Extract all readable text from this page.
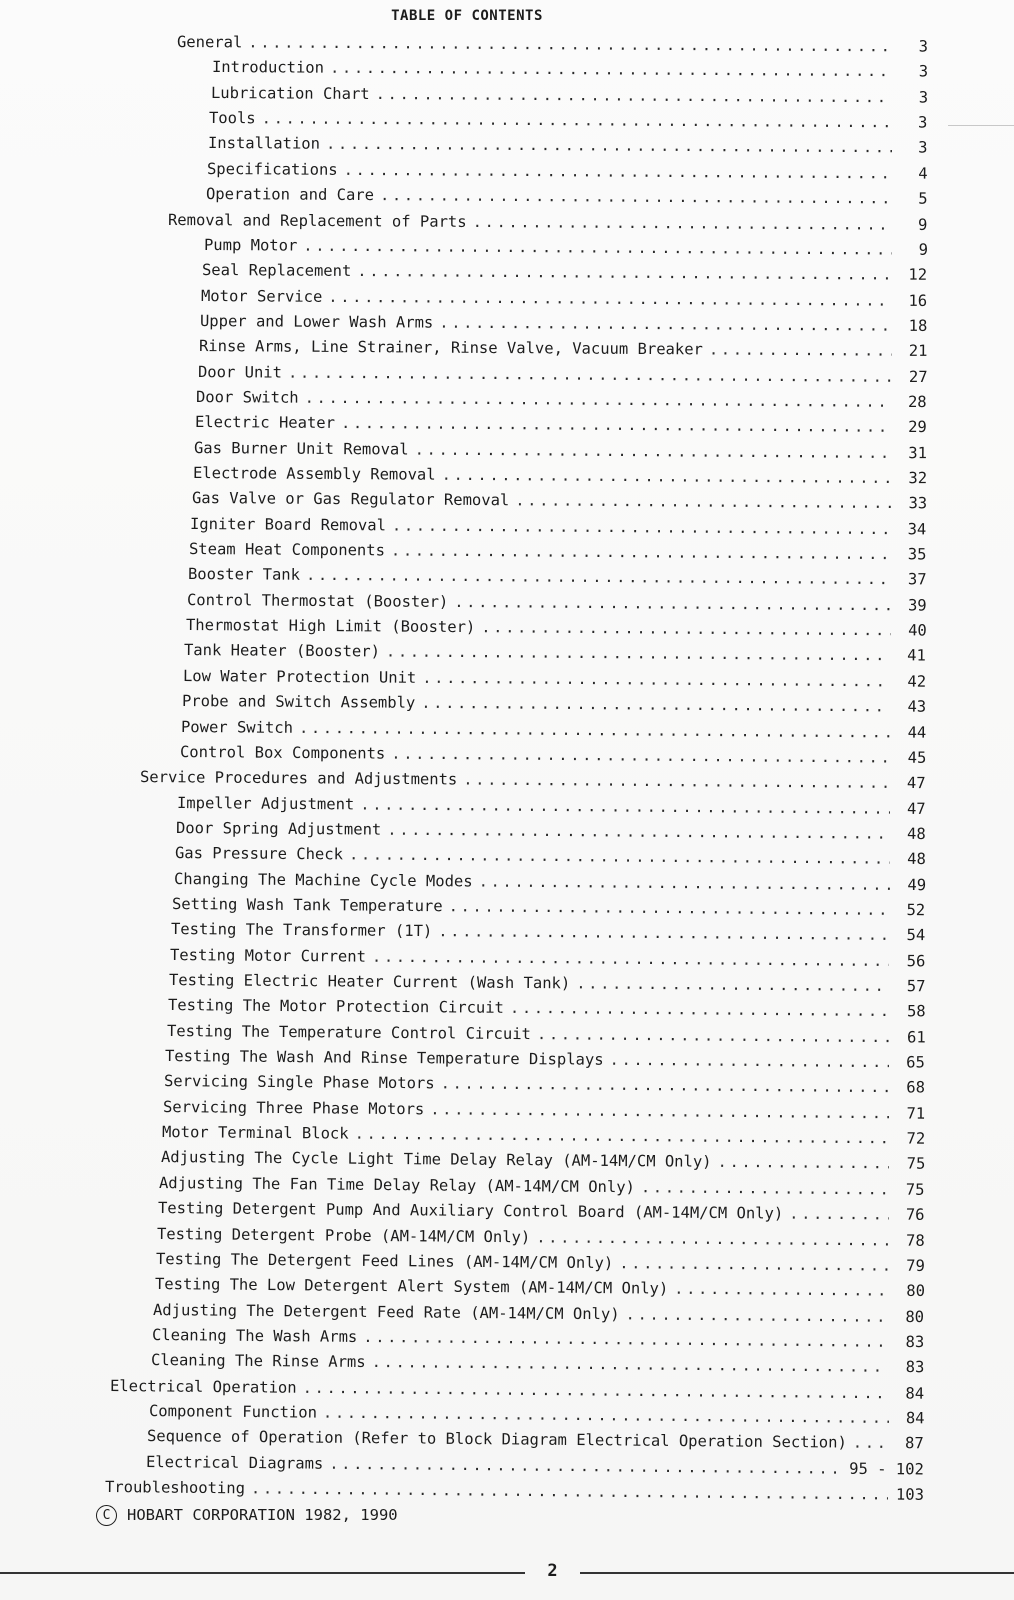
TABLE OF CONTENTS
General .....	3
Introduction .....	3
Lubrication Chart .....	3
Tools .....	3
Installation .....	3
Specifications .....	4
Operation and Care .....	5
Removal and Replacement of Parts .....	9
Pump Motor .....	9
Seal Replacement .....	12
Motor Service .....	16
Upper and Lower Wash Arms .....	18
Rinse Arms, Line Strainer, Rinse Valve, Vacuum Breaker .....	21
Door Unit .....	27
Door Switch .....	28
Electric Heater .....	29
Gas Burner Unit Removal .....	31
Electrode Assembly Removal .....	32
Gas Valve or Gas Regulator Removal .....	33
Igniter Board Removal .....	34
Steam Heat Components .....	35
Booster Tank .....	37
Control Thermostat (Booster) .....	39
Thermostat High Limit (Booster) .....	40
Tank Heater (Booster) .....	41
Low Water Protection Unit .....	42
Probe and Switch Assembly .....	43
Power Switch .....	44
Control Box Components .....	45
Service Procedures and Adjustments .....	47
Impeller Adjustment .....	47
Door Spring Adjustment .....	48
Gas Pressure Check .....	48
Changing The Machine Cycle Modes .....	49
Setting Wash Tank Temperature .....	52
Testing The Transformer (1T) .....	54
Testing Motor Current .....	56
Testing Electric Heater Current (Wash Tank) .....	57
Testing The Motor Protection Circuit .....	58
Testing The Temperature Control Circuit .....	61
Testing The Wash And Rinse Temperature Displays .....	65
Servicing Single Phase Motors .....	68
Servicing Three Phase Motors .....	71
Motor Terminal Block .....	72
Adjusting The Cycle Light Time Delay Relay (AM-14M/CM Only) .....	75
Adjusting The Fan Time Delay Relay (AM-14M/CM Only) .....	75
Testing Detergent Pump And Auxiliary Control Board (AM-14M/CM Only) .....	76
Testing Detergent Probe (AM-14M/CM Only) .....	78
Testing The Detergent Feed Lines (AM-14M/CM Only) .....	79
Testing The Low Detergent Alert System (AM-14M/CM Only) .....	80
Adjusting The Detergent Feed Rate (AM-14M/CM Only) .....	80
Cleaning The Wash Arms .....	83
Cleaning The Rinse Arms .....	83
Electrical Operation .....	84
Component Function .....	84
Sequence of Operation (Refer to Block Diagram Electrical Operation Section) .....	87
Electrical Diagrams .....	95 - 102
Troubleshooting .....	103
C	HOBART CORPORATION 1982, 1990
2
